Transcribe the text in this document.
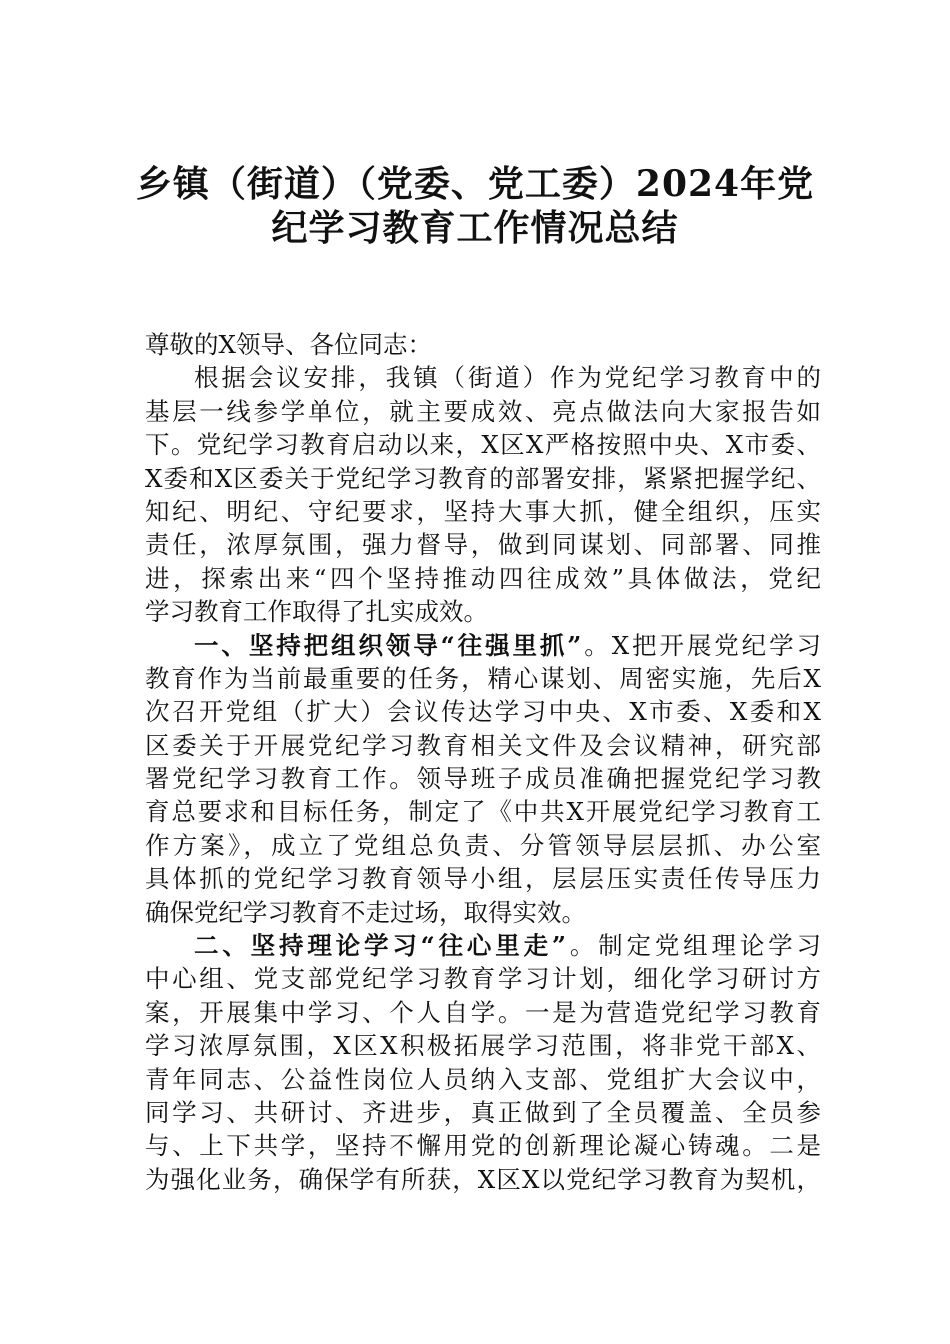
乡镇（街道）（党委、党工委）2024年党
纪学习教育工作情况总结
尊敬的X领导、各位同志：
根据会议安排，我镇（街道）作为党纪学习教育中的
基层一线参学单位，就主要成效、亮点做法向大家报告如
下。党纪学习教育启动以来，X区X严格按照中央、X市委、
X委和X区委关于党纪学习教育的部署安排，紧紧把握学纪、
知纪、明纪、守纪要求，坚持大事大抓，健全组织，压实
责任，浓厚氛围，强力督导，做到同谋划、同部署、同推
进，探索出来“四个坚持推动四往成效”具体做法，党纪
学习教育工作取得了扎实成效。
一、坚持把组织领导“往强里抓”。X把开展党纪学习
教育作为当前最重要的任务，精心谋划、周密实施，先后X
次召开党组（扩大）会议传达学习中央、X市委、X委和X
区委关于开展党纪学习教育相关文件及会议精神，研究部
署党纪学习教育工作。领导班子成员准确把握党纪学习教
育总要求和目标任务，制定了《中共X开展党纪学习教育工
作方案》，成立了党组总负责、分管领导层层抓、办公室
具体抓的党纪学习教育领导小组，层层压实责任传导压力
确保党纪学习教育不走过场，取得实效。
二、坚持理论学习“往心里走”。制定党组理论学习
中心组、党支部党纪学习教育学习计划，细化学习研讨方
案，开展集中学习、个人自学。一是为营造党纪学习教育
学习浓厚氛围，X区X积极拓展学习范围，将非党干部X、
青年同志、公益性岗位人员纳入支部、党组扩大会议中，
同学习、共研讨、齐进步，真正做到了全员覆盖、全员参
与、上下共学，坚持不懈用党的创新理论凝心铸魂。二是
为强化业务，确保学有所获，X区X以党纪学习教育为契机，
